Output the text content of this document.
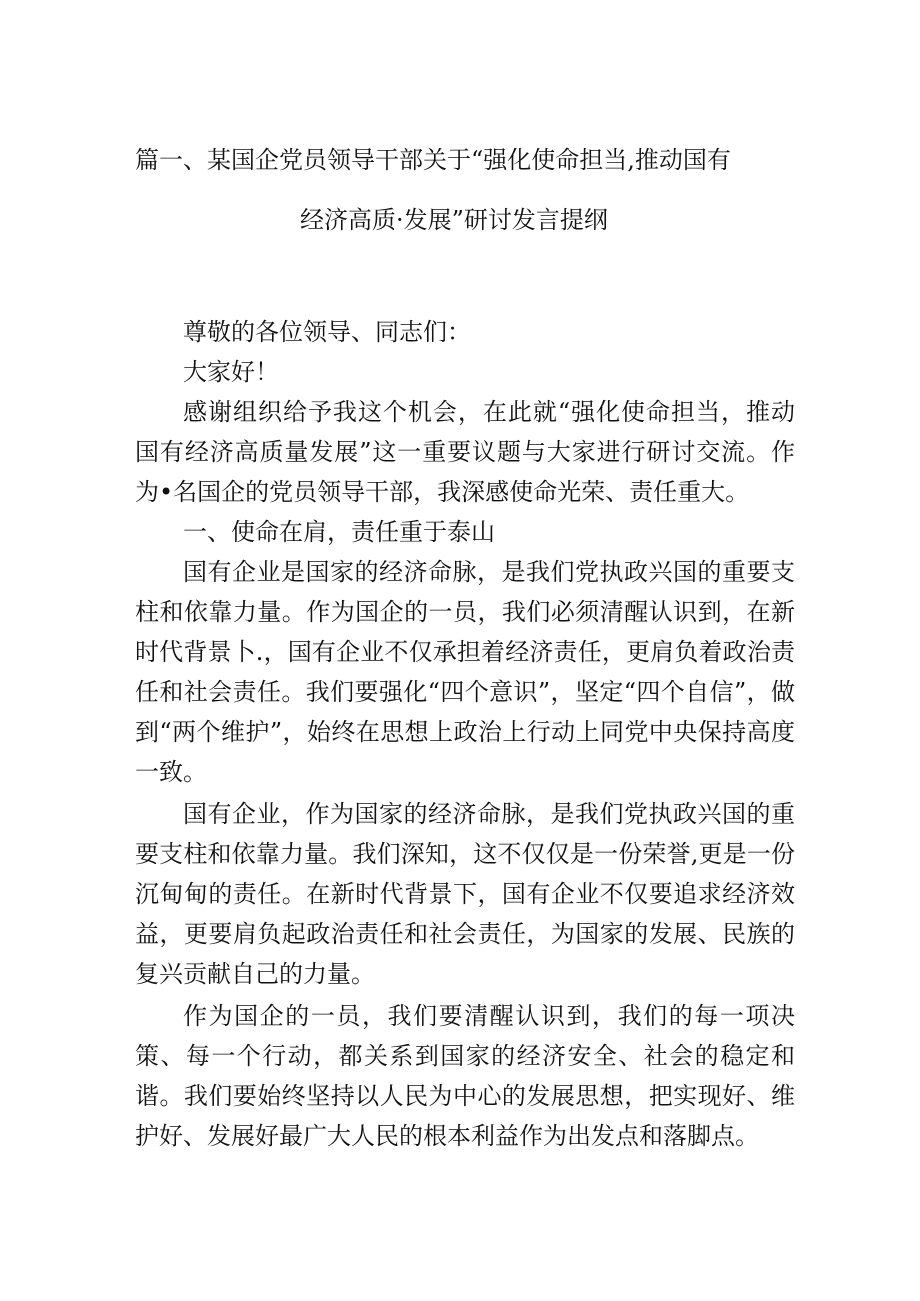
篇一、某国企党员领导干部关于“强化使命担当,推动国有
经济高质·发展”研讨发言提纲

尊敬的各位领导、同志们：

大家好！

感谢组织给予我这个机会，在此就“强化使命担当，推动国有经济高质量发展”这一重要议题与大家进行研讨交流。作为•名国企的党员领导干部，我深感使命光荣、责任重大。

一、使命在肩，责任重于泰山

国有企业是国家的经济命脉，是我们党执政兴国的重要支柱和依靠力量。作为国企的一员，我们必须清醒认识到，在新时代背景卜.，国有企业不仅承担着经济责任，更肩负着政治责任和社会责任。我们要强化“四个意识”，坚定“四个自信”，做到“两个维护”，始终在思想上政治上行动上同党中央保持高度一致。

国有企业，作为国家的经济命脉，是我们党执政兴国的重要支柱和依靠力量。我们深知，这不仅仅是一份荣誉,更是一份沉甸甸的责任。在新时代背景下，国有企业不仅要追求经济效益，更要肩负起政治责任和社会责任，为国家的发展、民族的复兴贡献自己的力量。

作为国企的一员，我们要清醒认识到，我们的每一项决策、每一个行动，都关系到国家的经济安全、社会的稳定和谐。我们要始终坚持以人民为中心的发展思想，把实现好、维护好、发展好最广大人民的根本利益作为出发点和落脚点。
